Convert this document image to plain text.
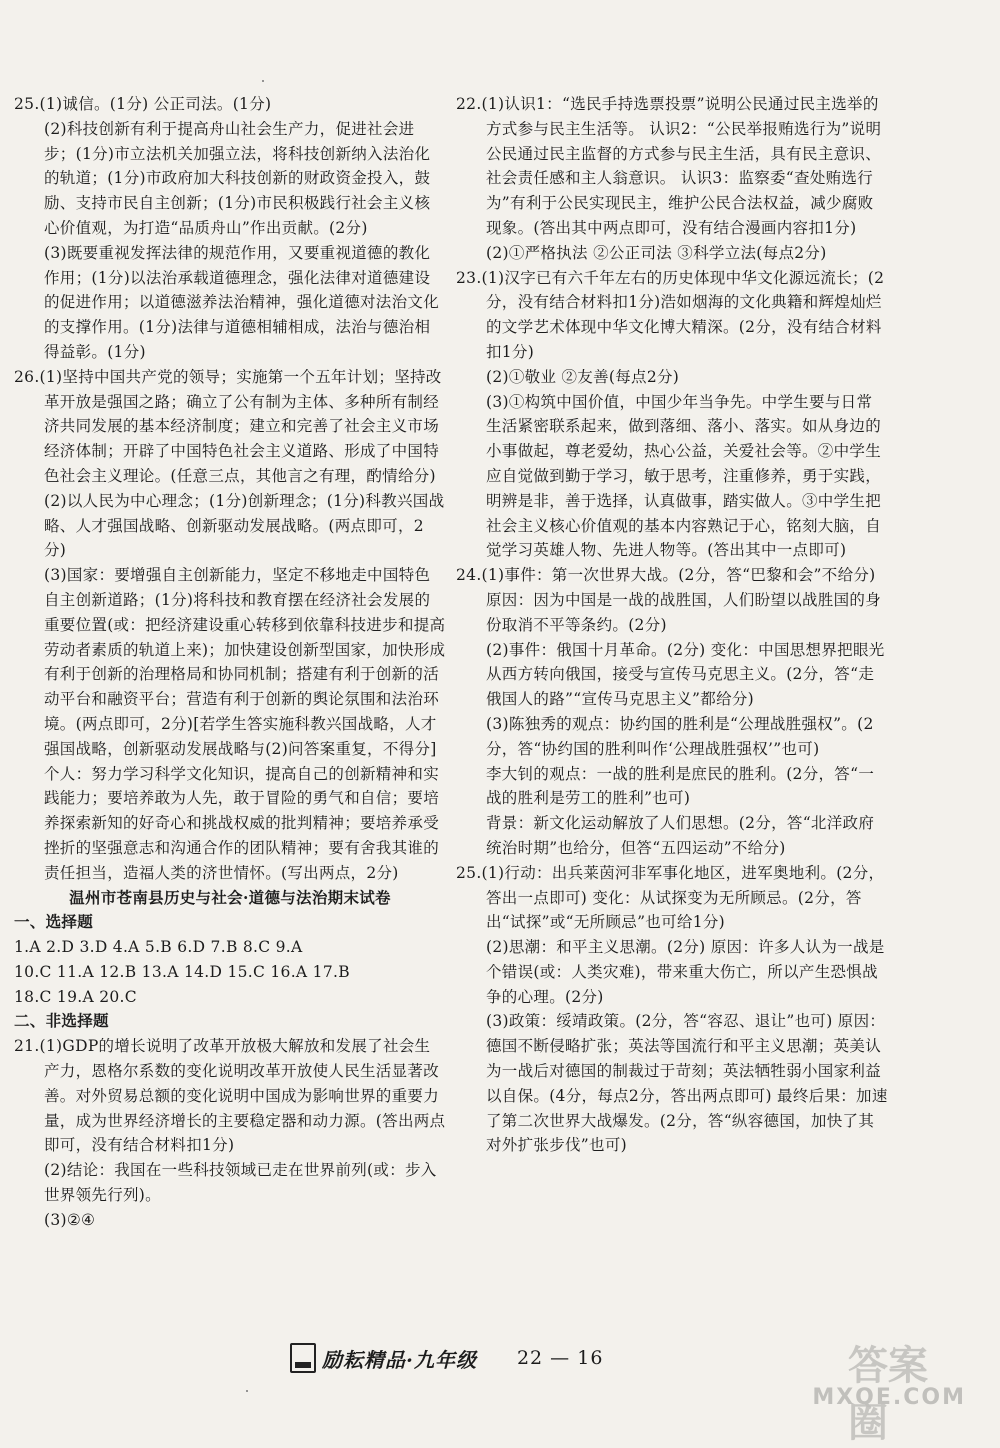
25.(1)诚信。(1分) 公正司法。(1分)

(2)科技创新有利于提高舟山社会生产力，促进社会进步；(1分)市立法机关加强立法，将科技创新纳入法治化的轨道；(1分)市政府加大科技创新的财政资金投入，鼓励、支持市民自主创新；(1分)市民积极践行社会主义核心价值观，为打造“品质舟山”作出贡献。(2分)

(3)既要重视发挥法律的规范作用，又要重视道德的教化作用；(1分)以法治承载道德理念，强化法律对道德建设的促进作用；以道德滋养法治精神，强化道德对法治文化的支撑作用。(1分)法律与道德相辅相成，法治与德治相得益彰。(1分)

26.(1)坚持中国共产党的领导；实施第一个五年计划；坚持改革开放是强国之路；确立了公有制为主体、多种所有制经济共同发展的基本经济制度；建立和完善了社会主义市场经济体制；开辟了中国特色社会主义道路、形成了中国特色社会主义理论。(任意三点，其他言之有理，酌情给分)

(2)以人民为中心理念；(1分)创新理念；(1分)科教兴国战略、人才强国战略、创新驱动发展战略。(两点即可，2分)

(3)国家：要增强自主创新能力，坚定不移地走中国特色自主创新道路；(1分)将科技和教育摆在经济社会发展的重要位置(或：把经济建设重心转移到依靠科技进步和提高劳动者素质的轨道上来)；加快建设创新型国家，加快形成有利于创新的治理格局和协同机制；搭建有利于创新的活动平台和融资平台；营造有利于创新的舆论氛围和法治环境。(两点即可，2分)[若学生答实施科教兴国战略，人才强国战略，创新驱动发展战略与(2)问答案重复，不得分] 个人：努力学习科学文化知识，提高自己的创新精神和实践能力；要培养敢为人先，敢于冒险的勇气和自信；要培养探索新知的好奇心和挑战权威的批判精神；要培养承受挫折的坚强意志和沟通合作的团队精神；要有舍我其谁的责任担当，造福人类的济世情怀。(写出两点，2分)

温州市苍南县历史与社会·道德与法治期末试卷

一、选择题

1.A 2.D 3.D 4.A 5.B 6.D 7.B 8.C 9.A

10.C 11.A 12.B 13.A 14.D 15.C 16.A 17.B

18.C 19.A 20.C

二、非选择题

21.(1)GDP的增长说明了改革开放极大解放和发展了社会生产力，恩格尔系数的变化说明改革开放使人民生活显著改善。对外贸易总额的变化说明中国成为影响世界的重要力量，成为世界经济增长的主要稳定器和动力源。(答出两点即可，没有结合材料扣1分)

(2)结论：我国在一些科技领域已走在世界前列(或：步入世界领先行列)。

(3)②④

22.(1)认识1：“选民手持选票投票”说明公民通过民主选举的方式参与民主生活等。 认识2：“公民举报贿选行为”说明公民通过民主监督的方式参与民主生活，具有民主意识、社会责任感和主人翁意识。 认识3：监察委“查处贿选行为”有利于公民实现民主，维护公民合法权益，减少腐败现象。(答出其中两点即可，没有结合漫画内容扣1分)

(2)①严格执法 ②公正司法 ③科学立法(每点2分)

23.(1)汉字已有六千年左右的历史体现中华文化源远流长；(2分，没有结合材料扣1分)浩如烟海的文化典籍和辉煌灿烂的文学艺术体现中华文化博大精深。(2分，没有结合材料扣1分)

(2)①敬业 ②友善(每点2分)

(3)①构筑中国价值，中国少年当争先。中学生要与日常生活紧密联系起来，做到落细、落小、落实。如从身边的小事做起，尊老爱幼，热心公益，关爱社会等。②中学生应自觉做到勤于学习，敏于思考，注重修养，勇于实践，明辨是非，善于选择，认真做事，踏实做人。③中学生把社会主义核心价值观的基本内容熟记于心，铭刻大脑，自觉学习英雄人物、先进人物等。(答出其中一点即可)

24.(1)事件：第一次世界大战。(2分，答“巴黎和会”不给分)

原因：因为中国是一战的战胜国，人们盼望以战胜国的身份取消不平等条约。(2分)

(2)事件：俄国十月革命。(2分) 变化：中国思想界把眼光从西方转向俄国，接受与宣传马克思主义。(2分，答“走俄国人的路”“宣传马克思主义”都给分)

(3)陈独秀的观点：协约国的胜利是“公理战胜强权”。(2分，答“协约国的胜利叫作‘公理战胜强权’”也可)

李大钊的观点：一战的胜利是庶民的胜利。(2分，答“一战的胜利是劳工的胜利”也可)

背景：新文化运动解放了人们思想。(2分，答“北洋政府统治时期”也给分，但答“五四运动”不给分)

25.(1)行动：出兵莱茵河非军事化地区，进军奥地利。(2分，答出一点即可) 变化：从试探变为无所顾忌。(2分，答出“试探”或“无所顾忌”也可给1分)

(2)思潮：和平主义思潮。(2分) 原因：许多人认为一战是个错误(或：人类灾难)，带来重大伤亡，所以产生恐惧战争的心理。(2分)

(3)政策：绥靖政策。(2分，答“容忍、退让”也可) 原因：德国不断侵略扩张；英法等国流行和平主义思潮；英美认为一战后对德国的制裁过于苛刻；英法牺牲弱小国家利益以自保。(4分，每点2分，答出两点即可) 最终后果：加速了第二次世界大战爆发。(2分，答“纵容德国，加快了其对外扩张步伐”也可)

励耘精品·九年级 22 — 16	答案圈
MXQE.COM
